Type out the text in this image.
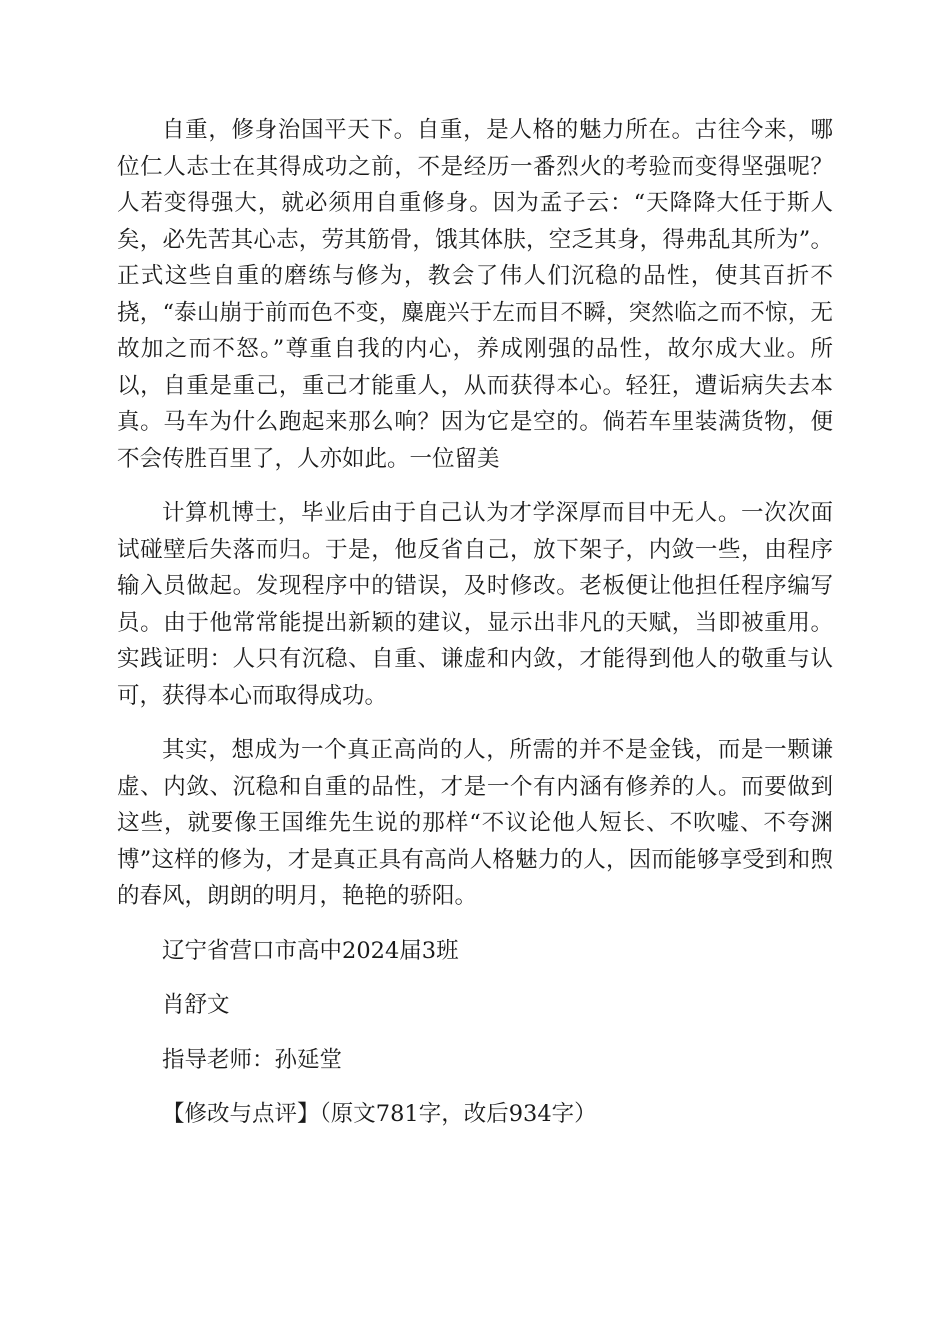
自重，修身治国平天下。自重，是人格的魅力所在。古往今来，哪位仁人志士在其得成功之前，不是经历一番烈火的考验而变得坚强呢？人若变得强大，就必须用自重修身。因为孟子云：“天降降大任于斯人矣，必先苦其心志，劳其筋骨，饿其体肤，空乏其身，得弗乱其所为”。正式这些自重的磨练与修为，教会了伟人们沉稳的品性，使其百折不挠，“泰山崩于前而色不变，麋鹿兴于左而目不瞬，突然临之而不惊，无故加之而不怒。”尊重自我的内心，养成刚强的品性，故尔成大业。所以，自重是重己，重己才能重人，从而获得本心。轻狂，遭诟病失去本真。马车为什么跑起来那么响？因为它是空的。倘若车里装满货物，便不会传胜百里了，人亦如此。一位留美

计算机博士，毕业后由于自己认为才学深厚而目中无人。一次次面试碰壁后失落而归。于是，他反省自己，放下架子，内敛一些，由程序输入员做起。发现程序中的错误，及时修改。老板便让他担任程序编写员。由于他常常能提出新颖的建议，显示出非凡的天赋，当即被重用。实践证明：人只有沉稳、自重、谦虚和内敛，才能得到他人的敬重与认可，获得本心而取得成功。

其实，想成为一个真正高尚的人，所需的并不是金钱，而是一颗谦虚、内敛、沉稳和自重的品性，才是一个有内涵有修养的人。而要做到这些，就要像王国维先生说的那样“不议论他人短长、不吹嘘、不夸渊博”这样的修为，才是真正具有高尚人格魅力的人，因而能够享受到和煦的春风，朗朗的明月，艳艳的骄阳。

辽宁省营口市高中2024届3班
肖舒文
指导老师：孙延堂
【修改与点评】（原文781字，改后934字）
